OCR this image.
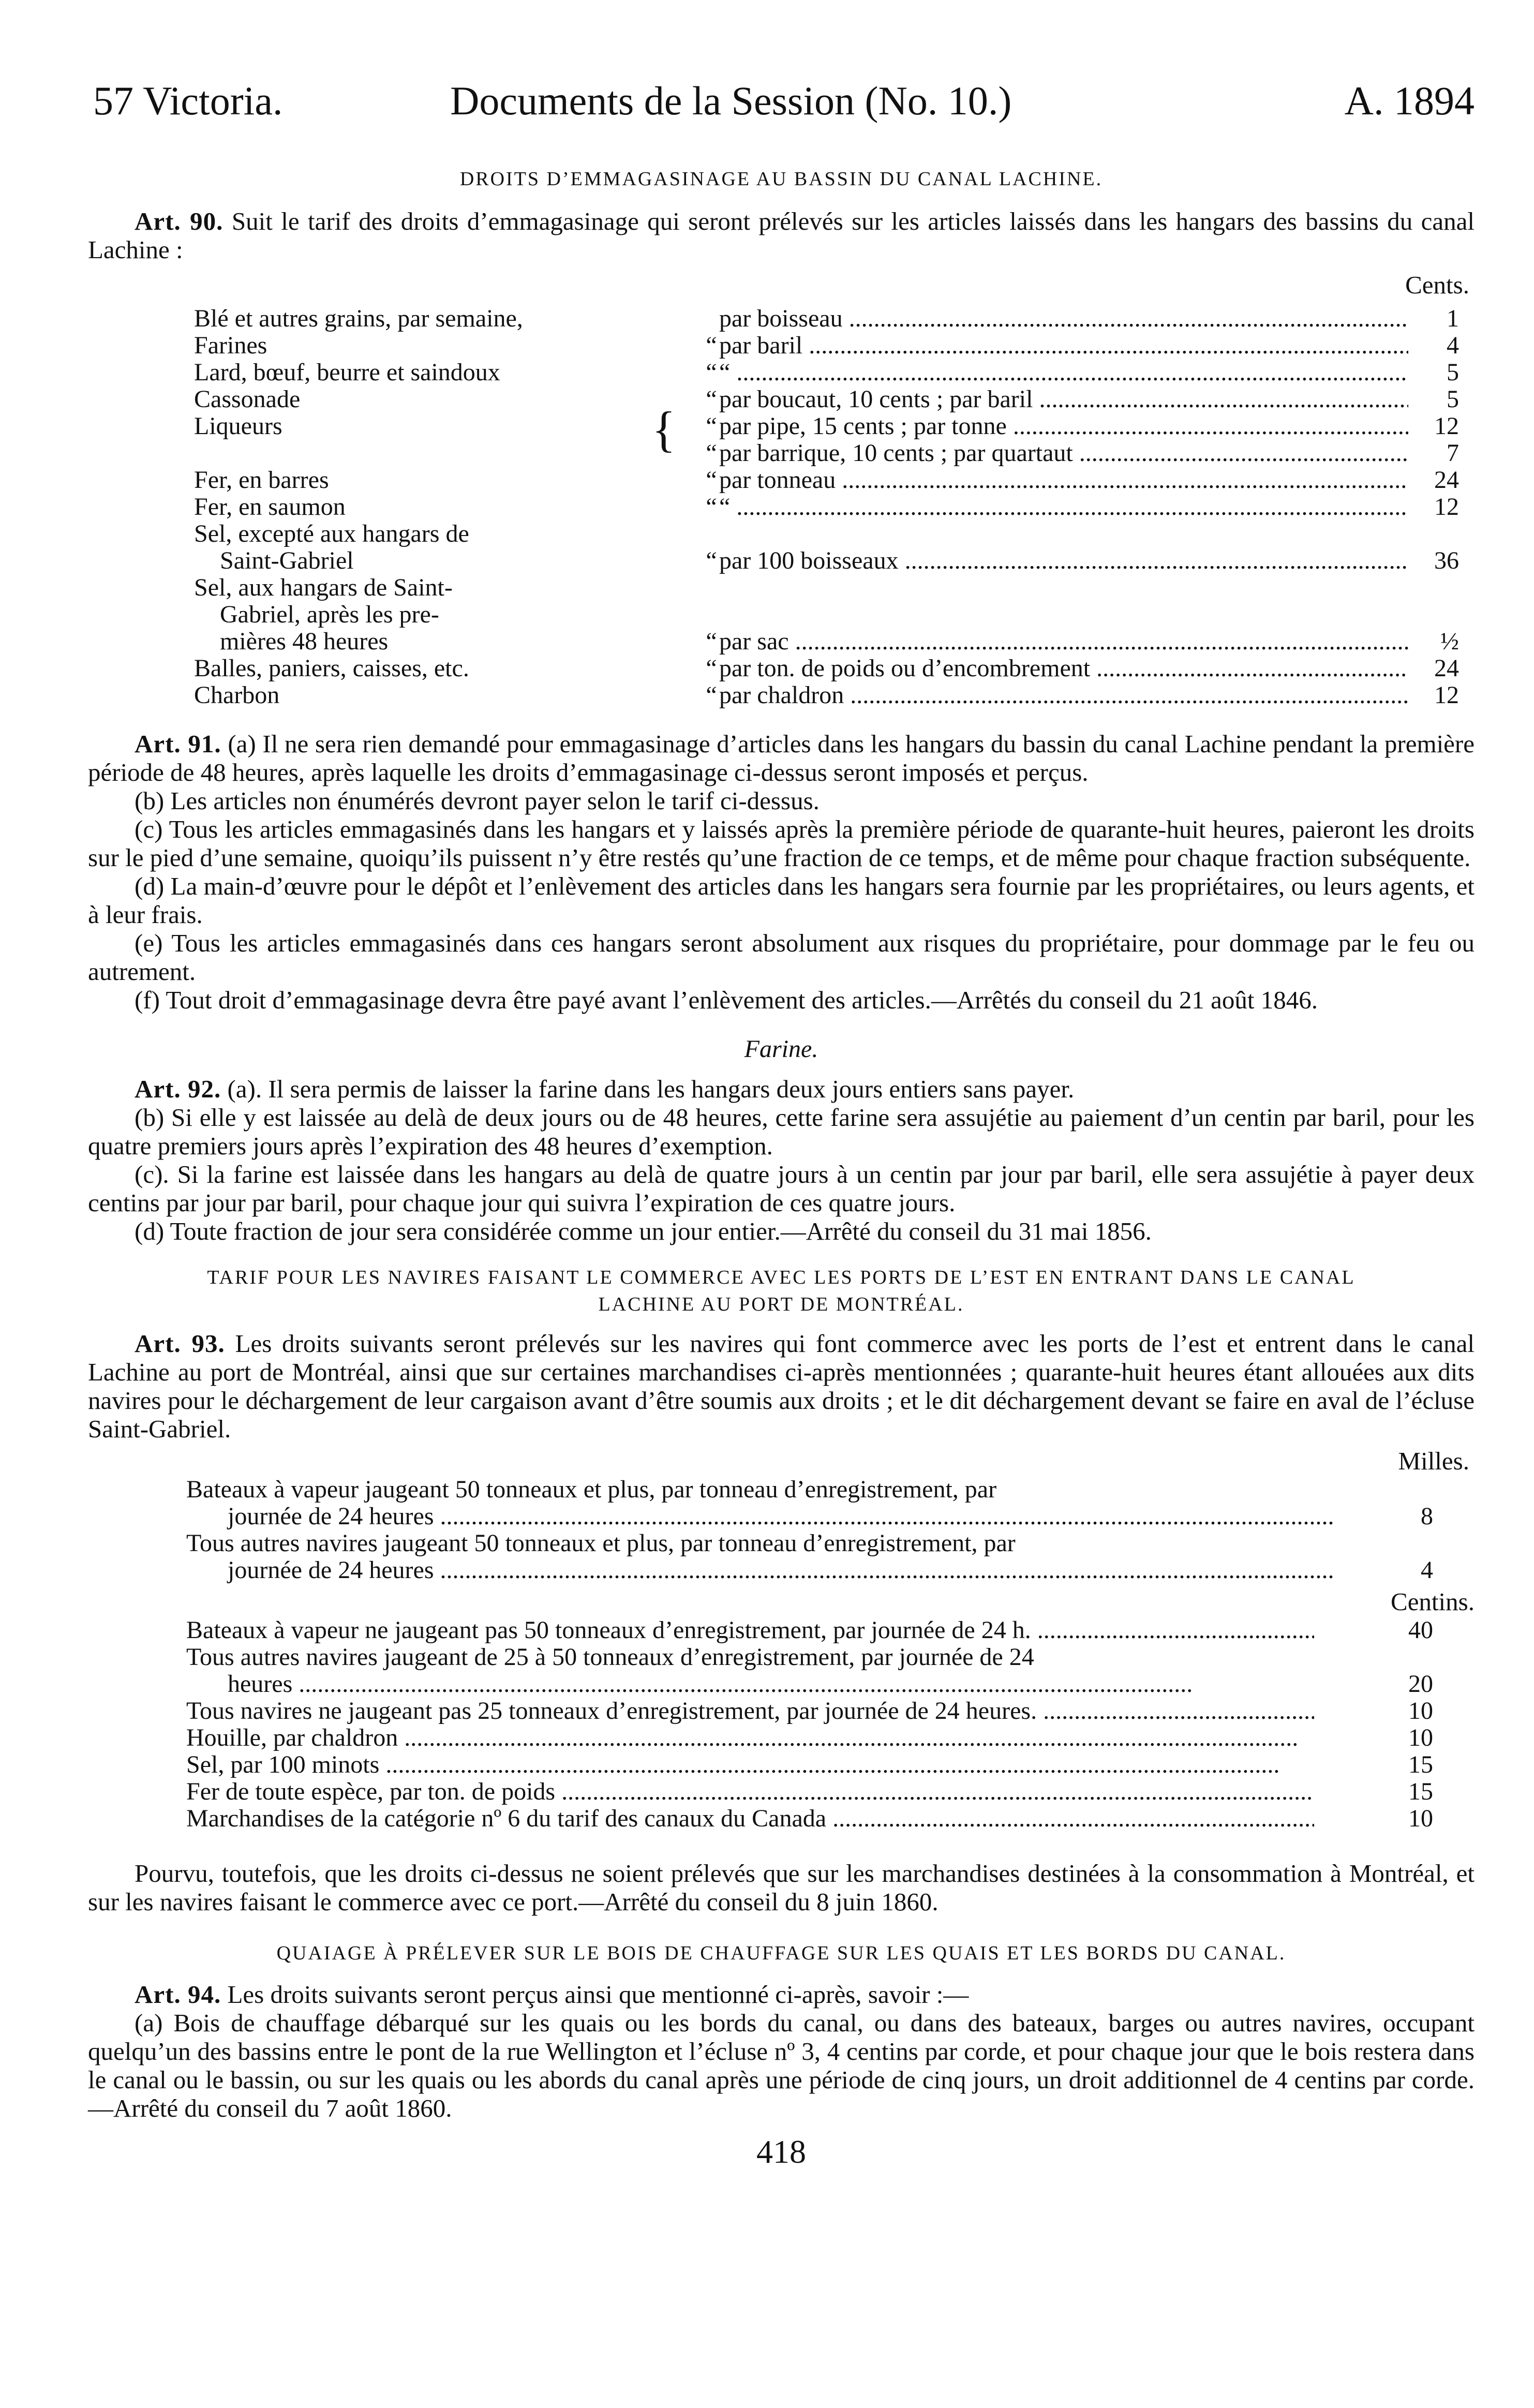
57 Victoria.	Documents de la Session (No. 10.)	A. 1894
DROITS D’EMMAGASINAGE AU BASSIN DU CANAL LACHINE.

Art. 90. Suit le tarif des droits d’emmagasinage qui seront prélevés sur les articles laissés dans les hangars des bassins du canal Lachine :

Cents.
Blé et autres grains, par semaine,	par boisseau .....	1
Farines	“ par baril .....	4
Lard, bœuf, beurre et saindoux	“ “ .....	5
Cassonade	“ par boucaut, 10 cents ; par baril .....	5
Liqueurs	“ par pipe, 15 cents ; par tonne .....	12
{	“ par barrique, 10 cents ; par quartaut .....	7
Fer, en barres	“ par tonneau .....	24
Fer, en saumon	“ “ .....	12
Sel, excepté aux hangars de
Saint-Gabriel	“ par 100 boisseaux .....	36
Sel, aux hangars de Saint-
Gabriel, après les pre-
mières 48 heures	“ par sac .....	½
Balles, paniers, caisses, etc.	“ par ton. de poids ou d’encombrement .....	24
Charbon	“ par chaldron .....	12

Art. 91. (a) Il ne sera rien demandé pour emmagasinage d’articles dans les hangars du bassin du canal Lachine pendant la première période de 48 heures, après laquelle les droits d’emmagasinage ci-dessus seront imposés et perçus.

(b) Les articles non énumérés devront payer selon le tarif ci-dessus.

(c) Tous les articles emmagasinés dans les hangars et y laissés après la première période de quarante-huit heures, paieront les droits sur le pied d’une semaine, quoiqu’ils puissent n’y être restés qu’une fraction de ce temps, et de même pour chaque fraction subséquente.

(d) La main-d’œuvre pour le dépôt et l’enlèvement des articles dans les hangars sera fournie par les propriétaires, ou leurs agents, et à leur frais.

(e) Tous les articles emmagasinés dans ces hangars seront absolument aux risques du propriétaire, pour dommage par le feu ou autrement.

(f) Tout droit d’emmagasinage devra être payé avant l’enlèvement des articles.—Arrêtés du conseil du 21 août 1846.

Farine.

Art. 92. (a). Il sera permis de laisser la farine dans les hangars deux jours entiers sans payer.

(b) Si elle y est laissée au delà de deux jours ou de 48 heures, cette farine sera assujétie au paiement d’un centin par baril, pour les quatre premiers jours après l’expiration des 48 heures d’exemption.

(c). Si la farine est laissée dans les hangars au delà de quatre jours à un centin par jour par baril, elle sera assujétie à payer deux centins par jour par baril, pour chaque jour qui suivra l’expiration de ces quatre jours.

(d) Toute fraction de jour sera considérée comme un jour entier.—Arrêté du conseil du 31 mai 1856.

TARIF POUR LES NAVIRES FAISANT LE COMMERCE AVEC LES PORTS DE L’EST EN ENTRANT DANS LE CANAL
LACHINE AU PORT DE MONTRÉAL.

Art. 93. Les droits suivants seront prélevés sur les navires qui font commerce avec les ports de l’est et entrent dans le canal Lachine au port de Montréal, ainsi que sur certaines marchandises ci-après mentionnées ; quarante-huit heures étant allouées aux dits navires pour le déchargement de leur cargaison avant d’être soumis aux droits ; et le dit déchargement devant se faire en aval de l’écluse Saint-Gabriel.

Milles.
Bateaux à vapeur jaugeant 50 tonneaux et plus, par tonneau d’enregistrement, par
journée de 24 heures .....	8
Tous autres navires jaugeant 50 tonneaux et plus, par tonneau d’enregistrement, par
journée de 24 heures .....	4
Centins.
Bateaux à vapeur ne jaugeant pas 50 tonneaux d’enregistrement, par journée de 24 h. .....	40
Tous autres navires jaugeant de 25 à 50 tonneaux d’enregistrement, par journée de 24
heures .....	20
Tous navires ne jaugeant pas 25 tonneaux d’enregistrement, par journée de 24 heures. .....	10
Houille, par chaldron .....	10
Sel, par 100 minots .....	15
Fer de toute espèce, par ton. de poids .....	15
Marchandises de la catégorie nº 6 du tarif des canaux du Canada .....	10

Pourvu, toutefois, que les droits ci-dessus ne soient prélevés que sur les marchandises destinées à la consommation à Montréal, et sur les navires faisant le commerce avec ce port.—Arrêté du conseil du 8 juin 1860.

QUAIAGE À PRÉLEVER SUR LE BOIS DE CHAUFFAGE SUR LES QUAIS ET LES BORDS DU CANAL.

Art. 94. Les droits suivants seront perçus ainsi que mentionné ci-après, savoir :—

(a) Bois de chauffage débarqué sur les quais ou les bords du canal, ou dans des bateaux, barges ou autres navires, occupant quelqu’un des bassins entre le pont de la rue Wellington et l’écluse nº 3, 4 centins par corde, et pour chaque jour que le bois restera dans le canal ou le bassin, ou sur les quais ou les abords du canal après une période de cinq jours, un droit additionnel de 4 centins par corde.—Arrêté du conseil du 7 août 1860.

418
